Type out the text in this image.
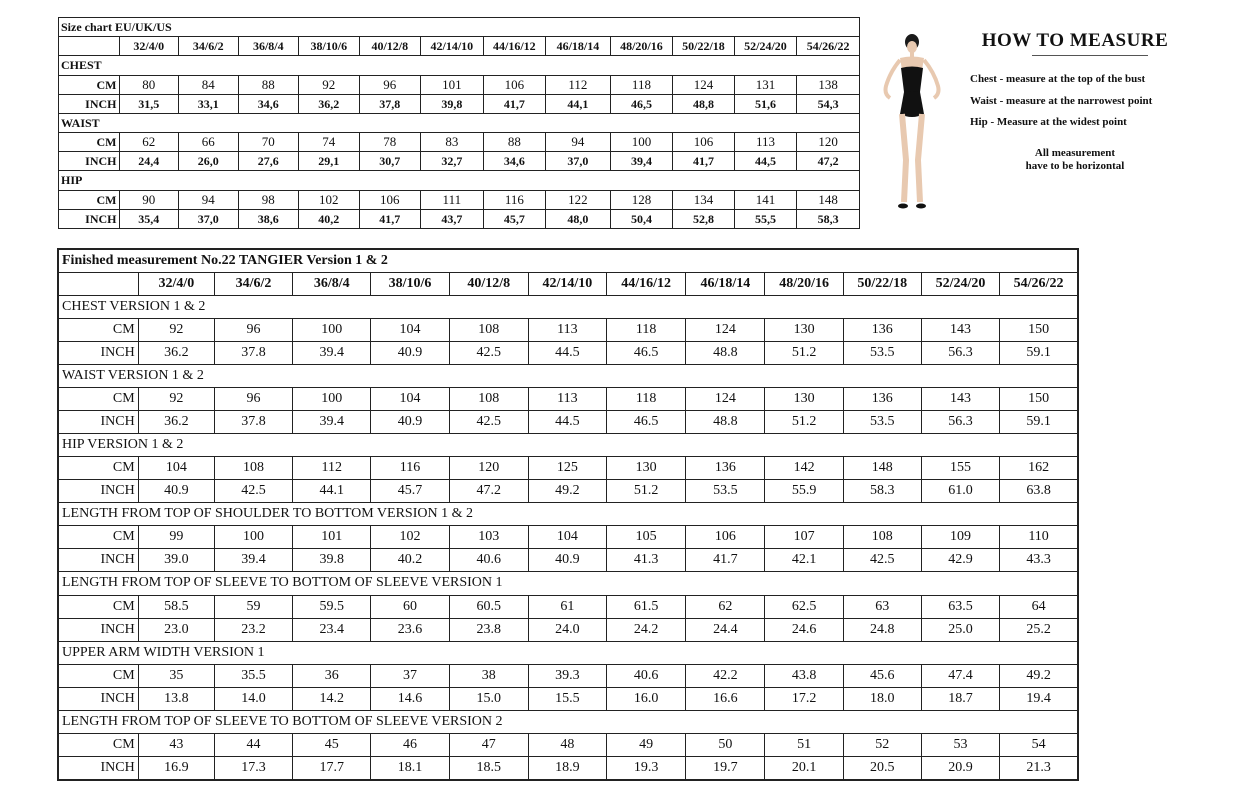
Size chart EU/UK/US												
	32/4/0	34/6/2	36/8/4	38/10/6	40/12/8	42/14/10	44/16/12	46/18/14	48/20/16	50/22/18	52/24/20	54/26/22
CHEST												
CM	80	84	88	92	96	101	106	112	118	124	131	138
INCH	31,5	33,1	34,6	36,2	37,8	39,8	41,7	44,1	46,5	48,8	51,6	54,3
WAIST												
CM	62	66	70	74	78	83	88	94	100	106	113	120
INCH	24,4	26,0	27,6	29,1	30,7	32,7	34,6	37,0	39,4	41,7	44,5	47,2
HIP												
CM	90	94	98	102	106	111	116	122	128	134	141	148
INCH	35,4	37,0	38,6	40,2	41,7	43,7	45,7	48,0	50,4	52,8	55,5	58,3
HOW TO MEASURE
Chest - measure at the top of the bust
Waist - measure at the narrowest point
Hip - Measure at the widest point
All measurement
have to be horizontal
Finished measurement No.22 TANGIER Version 1 & 2												
	32/4/0	34/6/2	36/8/4	38/10/6	40/12/8	42/14/10	44/16/12	46/18/14	48/20/16	50/22/18	52/24/20	54/26/22
CHEST VERSION 1 & 2												
CM	92	96	100	104	108	113	118	124	130	136	143	150
INCH	36.2	37.8	39.4	40.9	42.5	44.5	46.5	48.8	51.2	53.5	56.3	59.1
WAIST VERSION 1 & 2												
CM	92	96	100	104	108	113	118	124	130	136	143	150
INCH	36.2	37.8	39.4	40.9	42.5	44.5	46.5	48.8	51.2	53.5	56.3	59.1
HIP VERSION 1 & 2												
CM	104	108	112	116	120	125	130	136	142	148	155	162
INCH	40.9	42.5	44.1	45.7	47.2	49.2	51.2	53.5	55.9	58.3	61.0	63.8
LENGTH FROM TOP OF SHOULDER TO BOTTOM VERSION 1 & 2												
CM	99	100	101	102	103	104	105	106	107	108	109	110
INCH	39.0	39.4	39.8	40.2	40.6	40.9	41.3	41.7	42.1	42.5	42.9	43.3
LENGTH FROM TOP OF SLEEVE TO BOTTOM OF SLEEVE VERSION 1												
CM	58.5	59	59.5	60	60.5	61	61.5	62	62.5	63	63.5	64
INCH	23.0	23.2	23.4	23.6	23.8	24.0	24.2	24.4	24.6	24.8	25.0	25.2
UPPER ARM WIDTH VERSION 1												
CM	35	35.5	36	37	38	39.3	40.6	42.2	43.8	45.6	47.4	49.2
INCH	13.8	14.0	14.2	14.6	15.0	15.5	16.0	16.6	17.2	18.0	18.7	19.4
LENGTH FROM TOP OF SLEEVE TO BOTTOM OF SLEEVE VERSION 2												
CM	43	44	45	46	47	48	49	50	51	52	53	54
INCH	16.9	17.3	17.7	18.1	18.5	18.9	19.3	19.7	20.1	20.5	20.9	21.3
